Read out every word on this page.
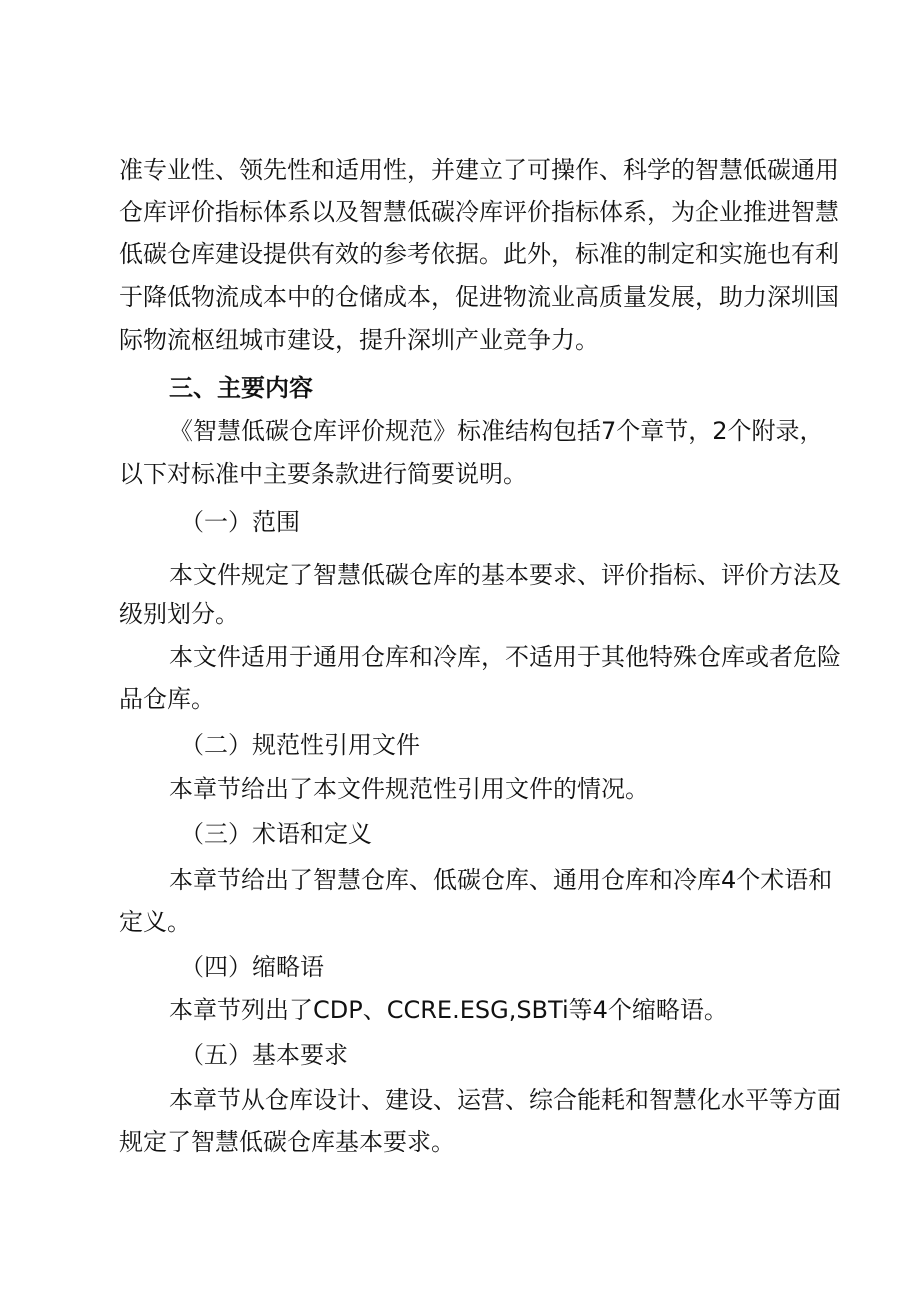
准专业性、领先性和适用性，并建立了可操作、科学的智慧低碳通用
仓库评价指标体系以及智慧低碳冷库评价指标体系，为企业推进智慧
低碳仓库建设提供有效的参考依据。此外，标准的制定和实施也有利
于降低物流成本中的仓储成本，促进物流业高质量发展，助力深圳国
际物流枢纽城市建设，提升深圳产业竞争力。
三、主要内容
《智慧低碳仓库评价规范》标准结构包括7个章节，2个附录，
以下对标准中主要条款进行简要说明。
（一）范围
本文件规定了智慧低碳仓库的基本要求、评价指标、评价方法及
级别划分。
本文件适用于通用仓库和冷库，不适用于其他特殊仓库或者危险
品仓库。
（二）规范性引用文件
本章节给出了本文件规范性引用文件的情况。
（三）术语和定义
本章节给出了智慧仓库、低碳仓库、通用仓库和冷库4个术语和
定义。
（四）缩略语
本章节列出了CDP、CCRE.ESG,SBTi等4个缩略语。
（五）基本要求
本章节从仓库设计、建设、运营、综合能耗和智慧化水平等方面
规定了智慧低碳仓库基本要求。
